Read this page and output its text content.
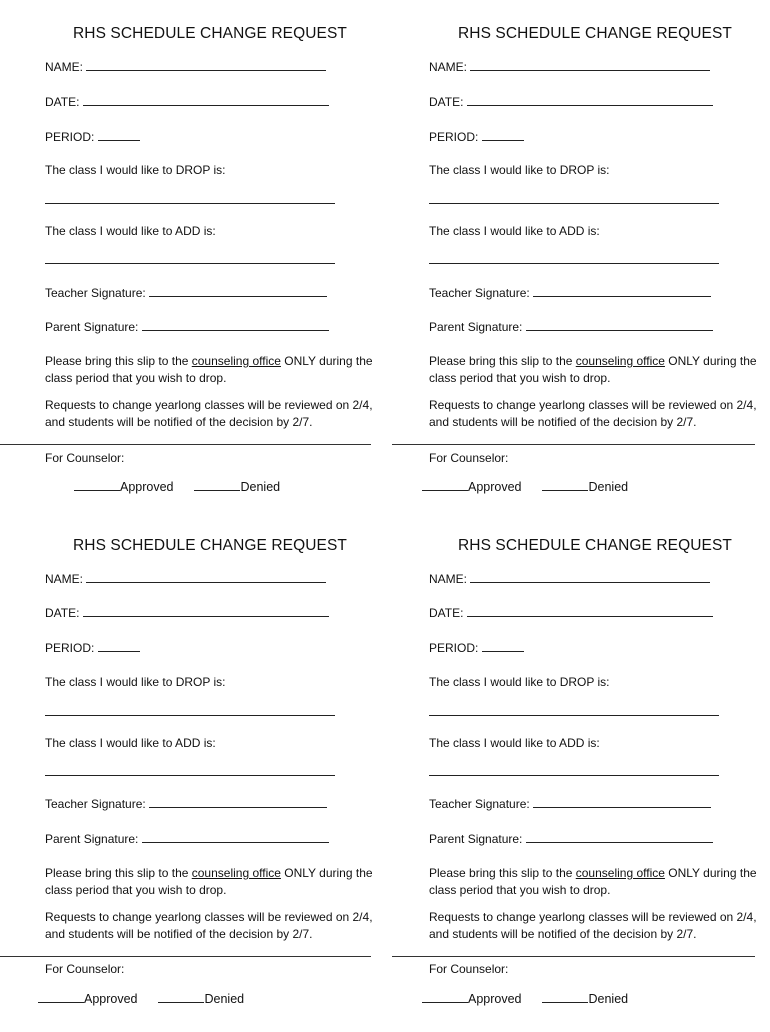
RHS SCHEDULE CHANGE REQUEST
NAME:
DATE:
PERIOD:
The class I would like to DROP is:
The class I would like to ADD is:
Teacher Signature:
Parent Signature:
Please bring this slip to the counseling office ONLY during the class period that you wish to drop.
Requests to change yearlong classes will be reviewed on 2/4, and students will be notified of the decision by 2/7.
For Counselor:
Approved	Denied
RHS SCHEDULE CHANGE REQUEST
NAME:
DATE:
PERIOD:
The class I would like to DROP is:
The class I would like to ADD is:
Teacher Signature:
Parent Signature:
Please bring this slip to the counseling office ONLY during the class period that you wish to drop.
Requests to change yearlong classes will be reviewed on 2/4, and students will be notified of the decision by 2/7.
For Counselor:
Approved	Denied
RHS SCHEDULE CHANGE REQUEST
NAME:
DATE:
PERIOD:
The class I would like to DROP is:
The class I would like to ADD is:
Teacher Signature:
Parent Signature:
Please bring this slip to the counseling office ONLY during the class period that you wish to drop.
Requests to change yearlong classes will be reviewed on 2/4, and students will be notified of the decision by 2/7.
For Counselor:
Approved	Denied
RHS SCHEDULE CHANGE REQUEST
NAME:
DATE:
PERIOD:
The class I would like to DROP is:
The class I would like to ADD is:
Teacher Signature:
Parent Signature:
Please bring this slip to the counseling office ONLY during the class period that you wish to drop.
Requests to change yearlong classes will be reviewed on 2/4, and students will be notified of the decision by 2/7.
For Counselor:
Approved	Denied
